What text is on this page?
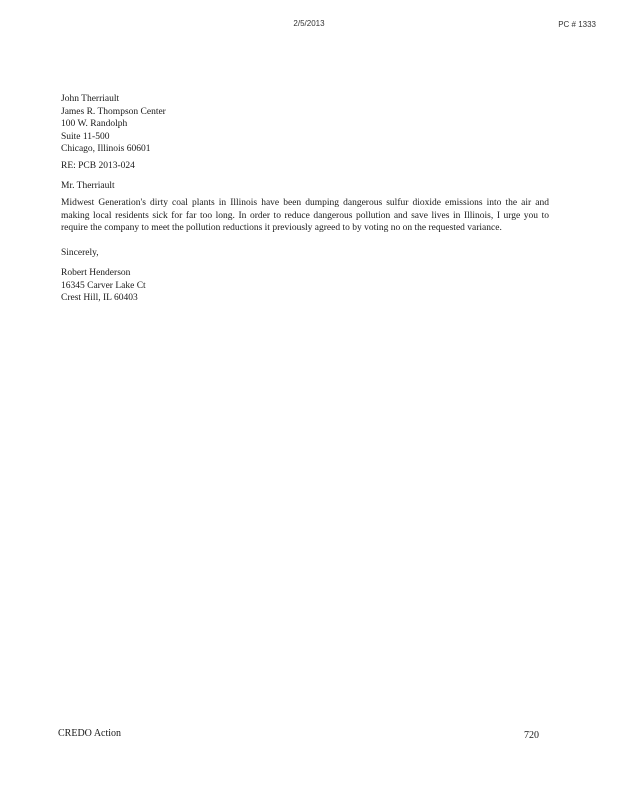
2/5/2013	PC # 1333
John Therriault
James R. Thompson Center
100 W. Randolph
Suite 11-500
Chicago, Illinois 60601
RE: PCB 2013-024
Mr. Therriault
Midwest Generation's dirty coal plants in Illinois have been dumping dangerous sulfur dioxide emissions into the air and making local residents sick for far too long. In order to reduce dangerous pollution and save lives in Illinois, I urge you to require the company to meet the pollution reductions it previously agreed to by voting no on the requested variance.
Sincerely,
Robert Henderson
16345 Carver Lake Ct
Crest Hill, IL 60403
CREDO Action	720
